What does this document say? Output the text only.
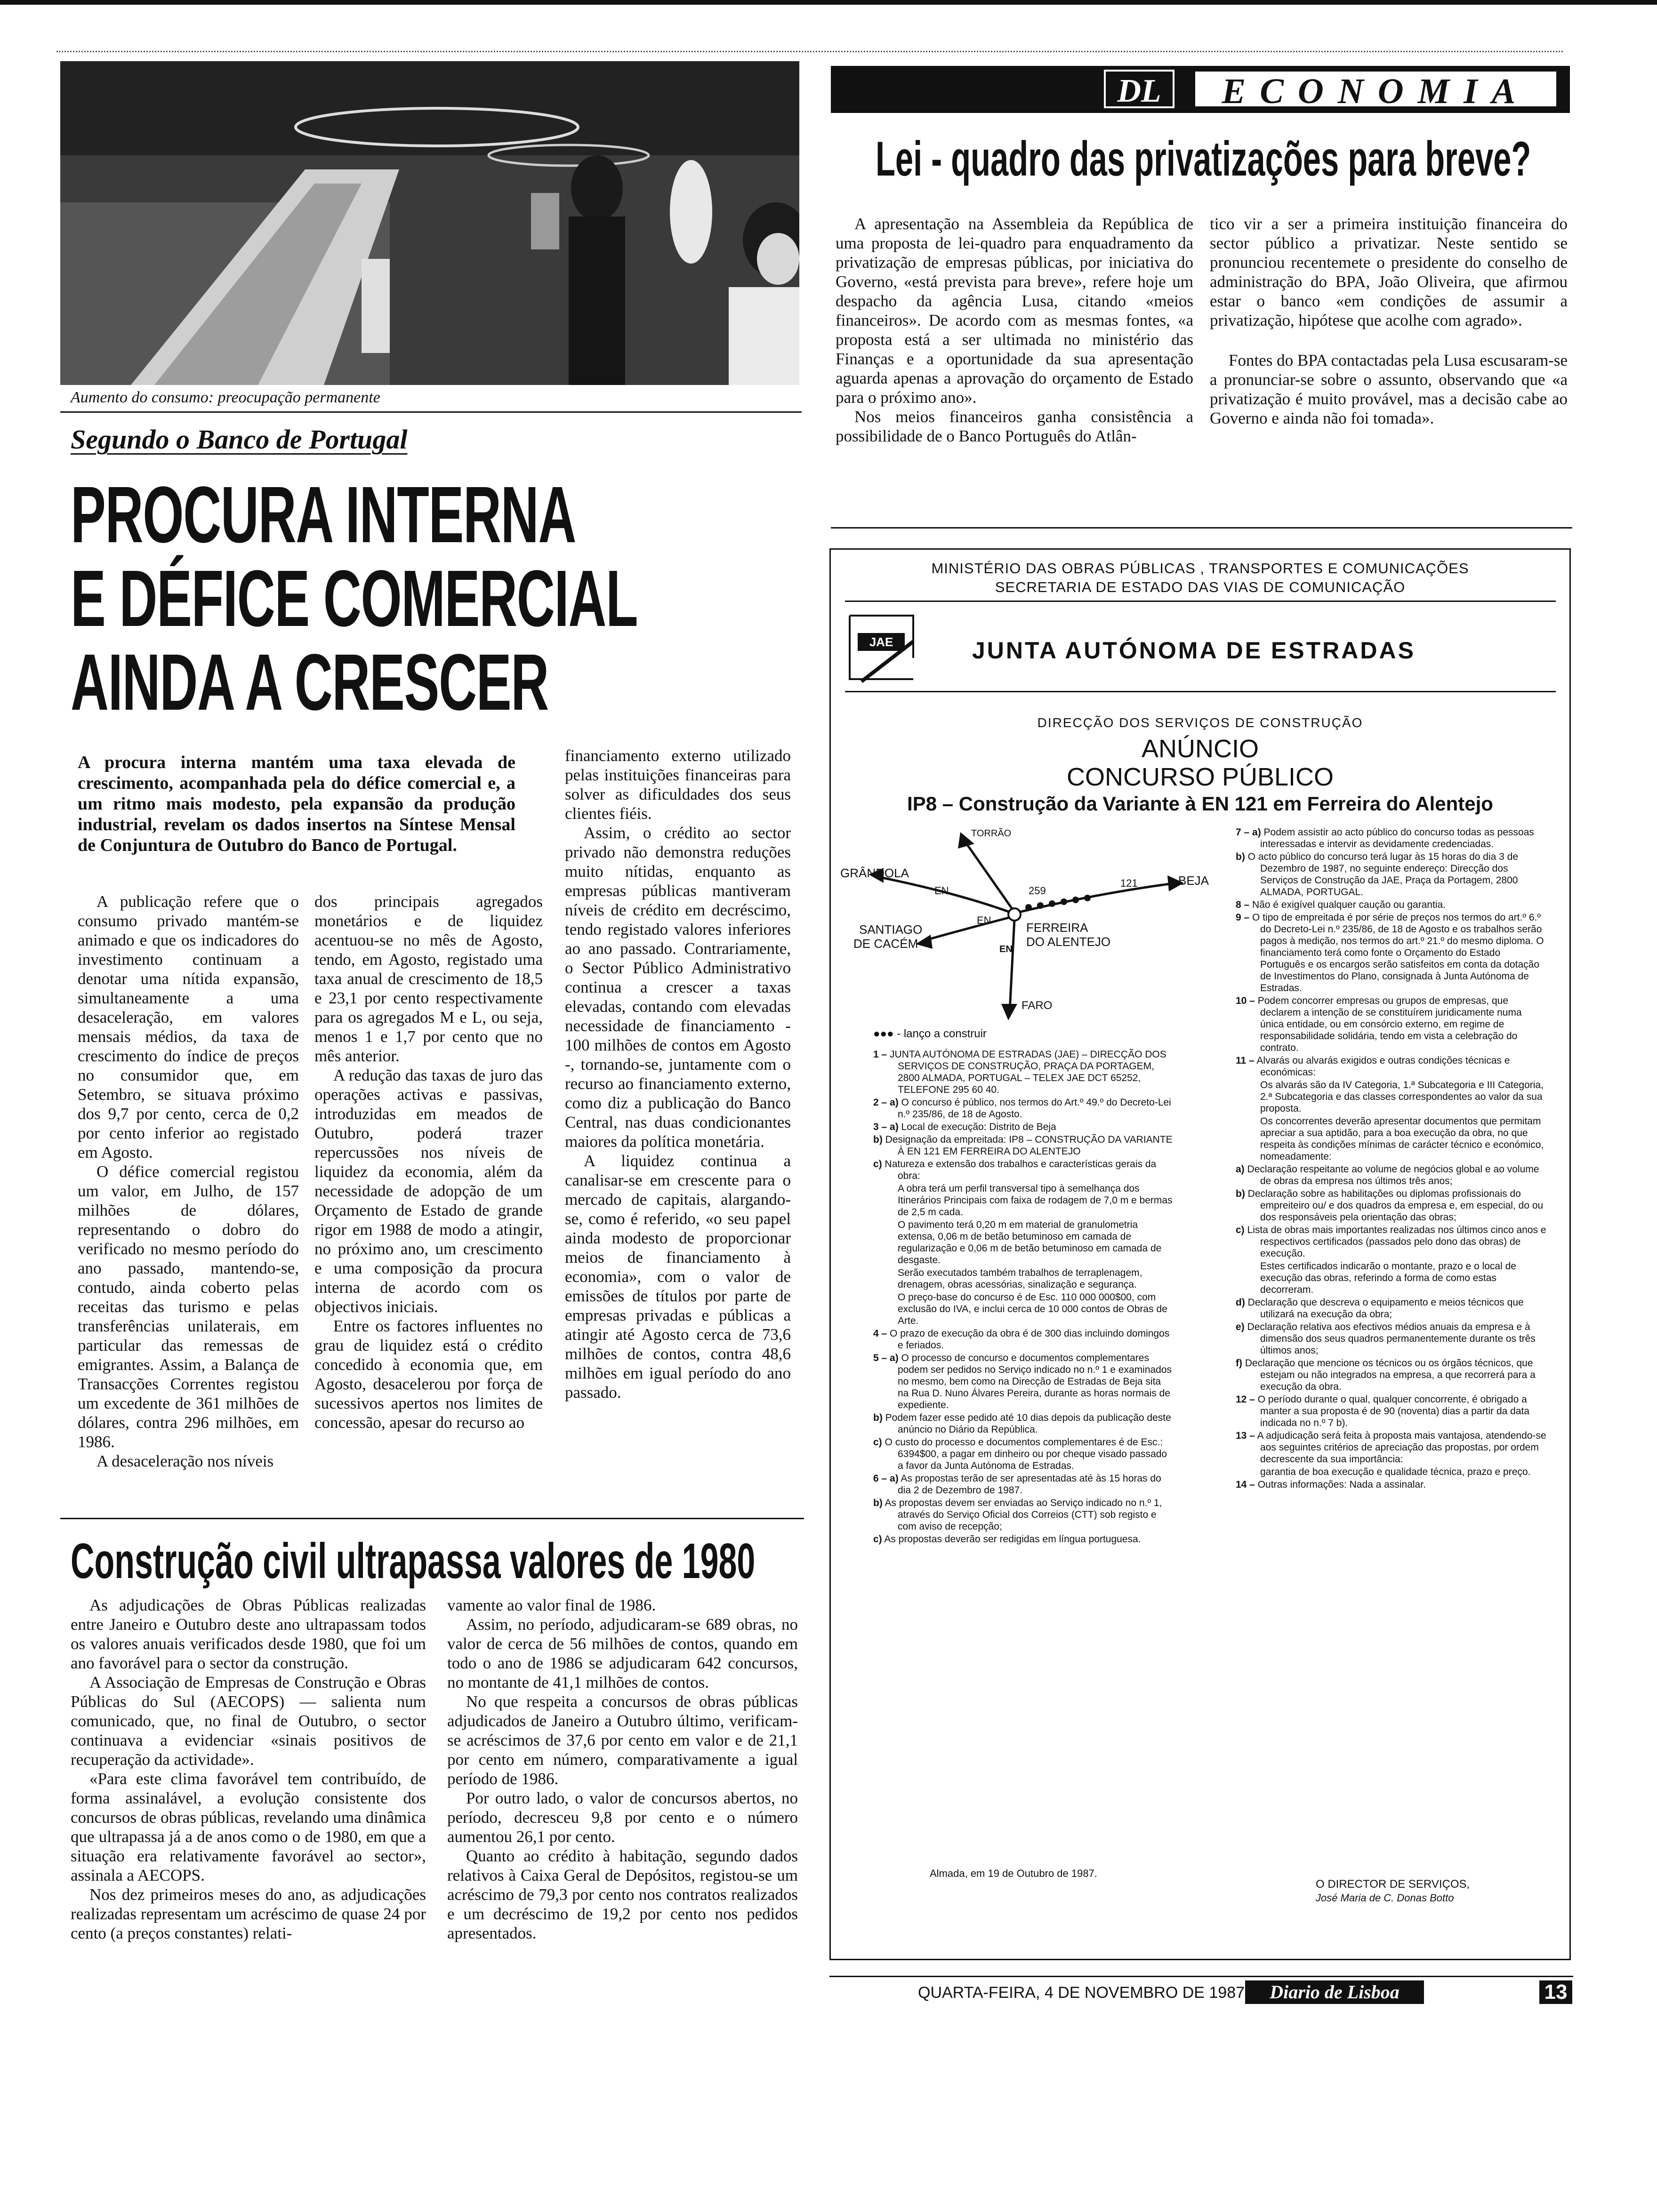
Aumento do consumo: preocupação permanente
Segundo o Banco de Portugal
PROCURA INTERNA
E DÉFICE COMERCIAL
AINDA A CRESCER
A procura interna mantém uma taxa elevada de crescimento, acompanhada pela do défice comercial e, a um ritmo mais modesto, pela expansão da produção industrial, revelam os dados insertos na Síntese Mensal de Conjuntura de Outubro do Banco de Portugal.

A publicação refere que o consumo privado mantém-se animado e que os indicadores do investimento continuam a denotar uma nítida expansão, simultaneamente a uma desaceleração, em valores mensais médios, da taxa de crescimento do índice de preços no consumidor que, em Setembro, se situava próximo dos 9,7 por cento, cerca de 0,2 por cento inferior ao registado em Agosto.

O défice comercial registou um valor, em Julho, de 157 milhões de dólares, representando o dobro do verificado no mesmo período do ano passado, mantendo-se, contudo, ainda coberto pelas receitas das turismo e pelas transferências unilaterais, em particular das remessas de emigrantes. Assim, a Balança de Transacções Correntes registou um excedente de 361 milhões de dólares, contra 296 milhões, em 1986.

A desaceleração nos níveis

dos principais agregados monetários e de liquidez acentuou-se no mês de Agosto, tendo, em Agosto, registado uma taxa anual de crescimento de 18,5 e 23,1 por cento respectivamente para os agregados M e L, ou seja, menos 1 e 1,7 por cento que no mês anterior.

A redução das taxas de juro das operações activas e passivas, introduzidas em meados de Outubro, poderá trazer repercussões nos níveis de liquidez da economia, além da necessidade de adopção de um Orçamento de Estado de grande rigor em 1988 de modo a atingir, no próximo ano, um crescimento e uma composição da procura interna de acordo com os objectivos iniciais.

Entre os factores influentes no grau de liquidez está o crédito concedido à economia que, em Agosto, desacelerou por força de sucessivos apertos nos limites de concessão, apesar do recurso ao

financiamento externo utilizado pelas instituições financeiras para solver as dificuldades dos seus clientes fiéis.

Assim, o crédito ao sector privado não demonstra reduções muito nítidas, enquanto as empresas públicas mantiveram níveis de crédito em decréscimo, tendo registado valores inferiores ao ano passado. Contrariamente, o Sector Público Administrativo continua a crescer a taxas elevadas, contando com elevadas necessidade de financiamento - 100 milhões de contos em Agosto -, tornando-se, juntamente com o recurso ao financiamento externo, como diz a publicação do Banco Central, nas duas condicionantes maiores da política monetária.

A liquidez continua a canalisar-se em crescente para o mercado de capitais, alargando-se, como é referido, «o seu papel ainda modesto de proporcionar meios de financiamento à economia», com o valor de emissões de títulos por parte de empresas privadas e públicas a atingir até Agosto cerca de 73,6 milhões de contos, contra 48,6 milhões em igual período do ano passado.

Construção civil ultrapassa valores de 1980

As adjudicações de Obras Públicas realizadas entre Janeiro e Outubro deste ano ultrapassam todos os valores anuais verificados desde 1980, que foi um ano favorável para o sector da construção.

A Associação de Empresas de Construção e Obras Públicas do Sul (AECOPS) — salienta num comunicado, que, no final de Outubro, o sector continuava a evidenciar «sinais positivos de recuperação da actividade».

«Para este clima favorável tem contribuído, de forma assinalável, a evolução consistente dos concursos de obras públicas, revelando uma dinâmica que ultrapassa já a de anos como o de 1980, em que a situação era relativamente favorável ao sector», assinala a AECOPS.

Nos dez primeiros meses do ano, as adjudicações realizadas representam um acréscimo de quase 24 por cento (a preços constantes) relati-

vamente ao valor final de 1986.

Assim, no período, adjudicaram-se 689 obras, no valor de cerca de 56 milhões de contos, quando em todo o ano de 1986 se adjudicaram 642 concursos, no montante de 41,1 milhões de contos.

No que respeita a concursos de obras públicas adjudicados de Janeiro a Outubro último, verificam-se acréscimos de 37,6 por cento em valor e de 21,1 por cento em número, comparativamente a igual período de 1986.

Por outro lado, o valor de concursos abertos, no período, decresceu 9,8 por cento e o número aumentou 26,1 por cento.

Quanto ao crédito à habitação, segundo dados relativos à Caixa Geral de Depósitos, registou-se um acréscimo de 79,3 por cento nos contratos realizados e um decréscimo de 19,2 por cento nos pedidos apresentados.

DL	ECONOMIA
Lei - quadro das privatizações para breve?

A apresentação na Assembleia da República de uma proposta de lei-quadro para enquadramento da privatização de empresas públicas, por iniciativa do Governo, «está prevista para breve», refere hoje um despacho da agência Lusa, citando «meios financeiros». De acordo com as mesmas fontes, «a proposta está a ser ultimada no ministério das Finanças e a oportunidade da sua apresentação aguarda apenas a aprovação do orçamento de Estado para o próximo ano».

Nos meios financeiros ganha consistência a possibilidade de o Banco Português do Atlân-

tico vir a ser a primeira instituição financeira do sector público a privatizar. Neste sentido se pronunciou recentemete o presidente do conselho de administração do BPA, João Oliveira, que afirmou estar o banco «em condições de assumir a privatização, hipótese que acolhe com agrado».

Fontes do BPA contactadas pela Lusa escusaram-se a pronunciar-se sobre o assunto, observando que «a privatização é muito provável, mas a decisão cabe ao Governo e ainda não foi tomada».

MINISTÉRIO DAS OBRAS PÚBLICAS , TRANSPORTES E COMUNICAÇÕES
SECRETARIA DE ESTADO DAS VIAS DE COMUNICAÇÃO
JAE	JUNTA AUTÓNOMA DE ESTRADAS
DIRECÇÃO DOS SERVIÇOS DE CONSTRUÇÃO
ANÚNCIO
CONCURSO PÚBLICO
IP8 – Construção da Variante à EN 121 em Ferreira do Alentejo
TORRÃO
GRÂNDOLA
EN	259
121	BEJA
SANTIAGO
DE CACÉM
EN
EN
FERREIRA
DO ALENTEJO
FARO
●●● - lanço a construir
1 – JUNTA AUTÓNOMA DE ESTRADAS (JAE) – DIRECÇÃO DOS SERVIÇOS DE CONSTRUÇÃO, PRAÇA DA PORTAGEM, 2800 ALMADA, PORTUGAL – TELEX JAE DCT 65252, TELEFONE 295 60 40.
2 – a) O concurso é público, nos termos do Art.º 49.º do Decreto-Lei n.º 235/86, de 18 de Agosto.
3 – a) Local de execução: Distrito de Beja
b) Designação da empreitada: IP8 – CONSTRUÇÃO DA VARIANTE À EN 121 EM FERREIRA DO ALENTEJO
c) Natureza e extensão dos trabalhos e características gerais da obra:
A obra terá um perfil transversal tipo à semelhança dos Itinerários Principais com faixa de rodagem de 7,0 m e bermas de 2,5 m cada.
O pavimento terá 0,20 m em material de granulometria extensa, 0,06 m de betão betuminoso em camada de regularização e 0,06 m de betão betuminoso em camada de desgaste.
Serão executados também trabalhos de terraplenagem, drenagem, obras acessórias, sinalização e segurança.
O preço-base do concurso é de Esc. 110 000 000$00, com exclusão do IVA, e inclui cerca de 10 000 contos de Obras de Arte.
4 – O prazo de execução da obra é de 300 dias incluindo domingos e feriados.
5 – a) O processo de concurso e documentos complementares podem ser pedidos no Serviço indicado no n.º 1 e examinados no mesmo, bem como na Direcção de Estradas de Beja sita na Rua D. Nuno Álvares Pereira, durante as horas normais de expediente.
b) Podem fazer esse pedido até 10 dias depois da publicação deste anúncio no Diário da República.
c) O custo do processo e documentos complementares é de Esc.: 6394$00, a pagar em dinheiro ou por cheque visado passado a favor da Junta Autónoma de Estradas.
6 – a) As propostas terão de ser apresentadas até às 15 horas do dia 2 de Dezembro de 1987.
b) As propostas devem ser enviadas ao Serviço indicado no n.º 1, através do Serviço Oficial dos Correios (CTT) sob registo e com aviso de recepção;
c) As propostas deverão ser redigidas em língua portuguesa.
7 – a) Podem assistir ao acto público do concurso todas as pessoas interessadas e intervir as devidamente credenciadas.
b) O acto público do concurso terá lugar às 15 horas do dia 3 de Dezembro de 1987, no seguinte endereço: Direcção dos Serviços de Construção da JAE, Praça da Portagem, 2800 ALMADA, PORTUGAL.
8 – Não é exigível qualquer caução ou garantia.
9 – O tipo de empreitada é por série de preços nos termos do art.º 6.º do Decreto-Lei n.º 235/86, de 18 de Agosto e os trabalhos serão pagos à medição, nos termos do art.º 21.º do mesmo diploma. O financiamento terá como fonte o Orçamento do Estado Português e os encargos serão satisfeitos em conta da dotação de Investimentos do Plano, consignada à Junta Autónoma de Estradas.
10 – Podem concorrer empresas ou grupos de empresas, que declarem a intenção de se constituírem juridicamente numa única entidade, ou em consórcio externo, em regime de responsabilidade solidária, tendo em vista a celebração do contrato.
11 – Alvarás ou alvarás exigidos e outras condições técnicas e económicas:
Os alvarás são da IV Categoria, 1.ª Subcategoria e III Categoria, 2.ª Subcategoria e das classes correspondentes ao valor da sua proposta.
Os concorrentes deverão apresentar documentos que permitam apreciar a sua aptidão, para a boa execução da obra, no que respeita às condições mínimas de carácter técnico e económico, nomeadamente:
a) Declaração respeitante ao volume de negócios global e ao volume de obras da empresa nos últimos três anos;
b) Declaração sobre as habilitações ou diplomas profissionais do empreiteiro ou/ e dos quadros da empresa e, em especial, do ou dos responsáveis pela orientação das obras;
c) Lista de obras mais importantes realizadas nos últimos cinco anos e respectivos certificados (passados pelo dono das obras) de execução.
Estes certificados indicarão o montante, prazo e o local de execução das obras, referindo a forma de como estas decorreram.
d) Declaração que descreva o equipamento e meios técnicos que utilizará na execução da obra;
e) Declaração relativa aos efectivos médios anuais da empresa e à dimensão dos seus quadros permanentemente durante os três últimos anos;
f) Declaração que mencione os técnicos ou os órgãos técnicos, que estejam ou não integrados na empresa, a que recorrerá para a execução da obra.
12 – O período durante o qual, qualquer concorrente, é obrigado a manter a sua proposta é de 90 (noventa) dias a partir da data indicada no n.º 7 b).
13 – A adjudicação será feita à proposta mais vantajosa, atendendo-se aos seguintes critérios de apreciação das propostas, por ordem decrescente da sua importância:
garantia de boa execução e qualidade técnica, prazo e preço.
14 – Outras informações: Nada a assinalar.
Almada, em 19 de Outubro de 1987.
O DIRECTOR DE SERVIÇOS,
José Maria de C. Donas Botto
QUARTA-FEIRA, 4 DE NOVEMBRO DE 1987	Diario de Lisboa	13
